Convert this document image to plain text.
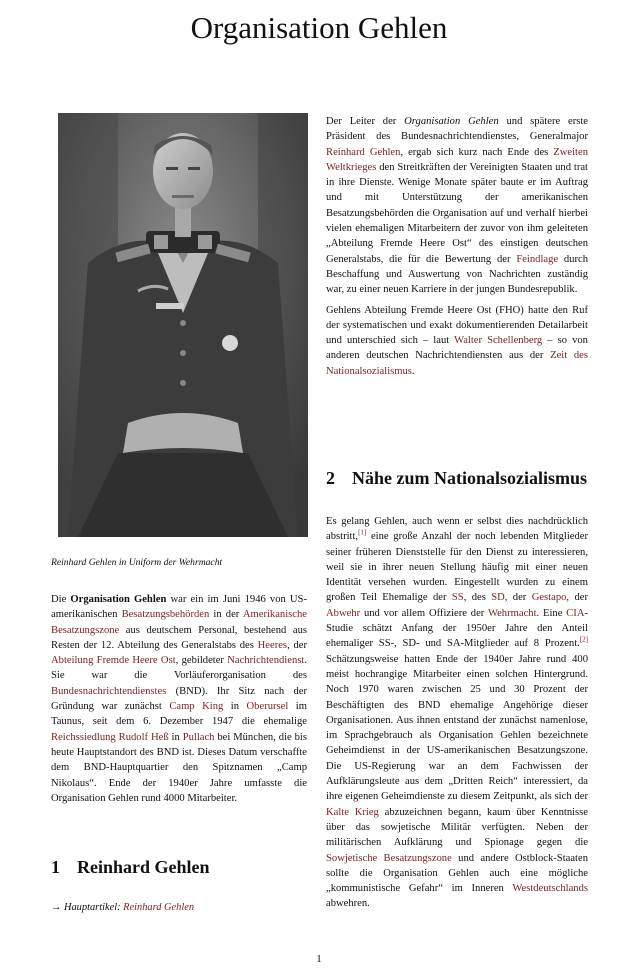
Organisation Gehlen
Reinhard Gehlen in Uniform der Wehrmacht

Die Organisation Gehlen war ein im Juni 1946 von US-amerikanischen Besatzungsbehörden in der Amerikanische Besatzungszone aus deutschem Personal, bestehend aus Resten der 12. Abteilung des Generalstabs des Heeres, der Abteilung Fremde Heere Ost, gebildeter Nachrichtendienst. Sie war die Vorläuferorganisation des Bundesnachrichtendienstes (BND). Ihr Sitz nach der Gründung war zunächst Camp King in Oberursel im Taunus, seit dem 6. Dezember 1947 die ehemalige Reichssiedlung Rudolf Heß in Pullach bei München, die bis heute Hauptstandort des BND ist. Dieses Datum verschaffte dem BND-Hauptquartier den Spitznamen „Camp Nikolaus“. Ende der 1940er Jahre umfasste die Organisation Gehlen rund 4000 Mitarbeiter.

1 Reinhard Gehlen
→ Hauptartikel: Reinhard Gehlen

Der Leiter der Organisation Gehlen und spätere erste Präsident des Bundesnachrichtendienstes, Generalmajor Reinhard Gehlen, ergab sich kurz nach Ende des Zweiten Weltkrieges den Streitkräften der Vereinigten Staaten und trat in ihre Dienste. Wenige Monate später baute er im Auftrag und mit Unterstützung der amerikanischen Besatzungsbehörden die Organisation auf und verhalf hierbei vielen ehemaligen Mitarbeitern der zuvor von ihm geleiteten „Abteilung Fremde Heere Ost“ des einstigen deutschen Generalstabs, die für die Bewertung der Feindlage durch Beschaffung und Auswertung von Nachrichten zuständig war, zu einer neuen Karriere in der jungen Bundesrepublik.

Gehlens Abteilung Fremde Heere Ost (FHO) hatte den Ruf der systematischen und exakt dokumentierenden Detailarbeit und unterschied sich – laut Walter Schellenberg – so von anderen deutschen Nachrichtendiensten aus der Zeit des Nationalsozialismus.

2 Nähe zum Nationalsozialismus

Es gelang Gehlen, auch wenn er selbst dies nachdrücklich abstritt,[1] eine große Anzahl der noch lebenden Mitglieder seiner früheren Dienststelle für den Dienst zu interessieren, weil sie in ihrer neuen Stellung häufig mit einer neuen Identität versehen wurden. Eingestellt wurden zu einem großen Teil Ehemalige der SS, des SD, der Gestapo, der Abwehr und vor allem Offiziere der Wehrmacht. Eine CIA-Studie schätzt Anfang der 1950er Jahre den Anteil ehemaliger SS-, SD- und SA-Mitglieder auf 8 Prozent.[2] Schätzungsweise hatten Ende der 1940er Jahre rund 400 meist hochrangige Mitarbeiter einen solchen Hintergrund. Noch 1970 waren zwischen 25 und 30 Prozent der Beschäftigten des BND ehemalige Angehörige dieser Organisationen. Aus ihnen entstand der zunächst namenlose, im Sprachgebrauch als Organisation Gehlen bezeichnete Geheimdienst in der US-amerikanischen Besatzungszone. Die US-Regierung war an dem Fachwissen der Aufklärungsleute aus dem „Dritten Reich“ interessiert, da ihre eigenen Geheimdienste zu diesem Zeitpunkt, als sich der Kalte Krieg abzuzeichnen begann, kaum über Kenntnisse über das sowjetische Militär verfügten. Neben der militärischen Aufklärung und Spionage gegen die Sowjetische Besatzungszone und andere Ostblock-Staaten sollte die Organisation Gehlen auch eine mögliche „kommunistische Gefahr“ im Inneren Westdeutschlands abwehren.

1
